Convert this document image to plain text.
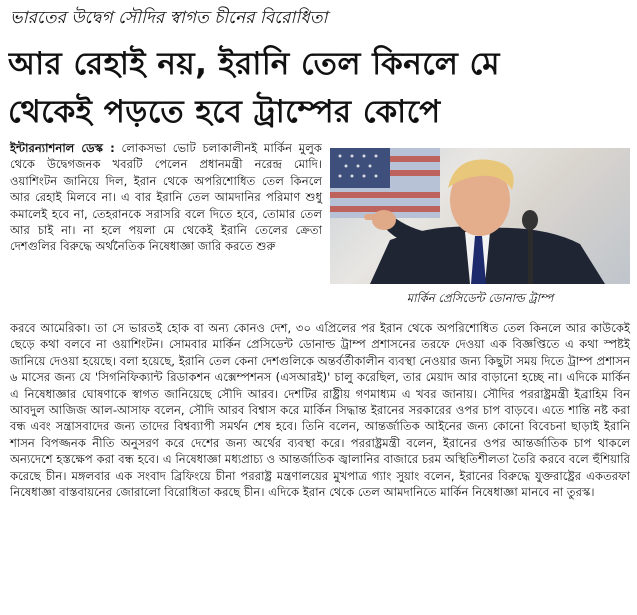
ভারতের উদ্বেগ সৌদির স্বাগত চীনের বিরোধিতা
আর রেহাই নয়, ইরানি তেল কিনলে মে
থেকেই পড়তে হবে ট্রাম্পের কোপে
ইন্টারন্যাশনাল ডেস্ক : লোকসভা ভোট চলাকালীনই মার্কিন মুলুক থেকে উদ্বেগজনক খবরটি পেলেন প্রধানমন্ত্রী নরেন্দ্র মোদি। ওয়াশিংটন জানিয়ে দিল, ইরান থেকে অপরিশোধিত তেল কিনলে আর রেহাই মিলবে না। এ বার ইরানি তেল আমদানির পরিমাণ শুধু কমালেই হবে না, তেহরানকে সরাসরি বলে দিতে হবে, তোমার তেল আর চাই না। না হলে পয়লা মে থেকেই ইরানি তেলের ক্রেতা দেশগুলির বিরুদ্ধে অর্থনৈতিক নিষেধাজ্ঞা জারি করতে শুরু
মার্কিন প্রেসিডেন্ট ডোনাল্ড ট্রাম্প

করবে আমেরিকা। তা সে ভারতই হোক বা অন্য কোনও দেশ, ৩০ এপ্রিলের পর ইরান থেকে অপরিশোধিত তেল কিনলে আর কাউকেই ছেড়ে কথা বলবে না ওয়াশিংটন। সোমবার মার্কিন প্রেসিডেন্ট ডোনাল্ড ট্রাম্প প্রশাসনের তরফে দেওয়া এক বিজ্ঞপ্তিতে এ কথা স্পষ্টই জানিয়ে দেওয়া হয়েছে। বলা হয়েছে, ইরানি তেল কেনা দেশগুলিকে অন্তর্বর্তীকালীন ব্যবস্থা নেওয়ার জন্য কিছুটা সময় দিতে ট্রাম্প প্রশাসন ৬ মাসের জন্য যে 'সিগনিফিক্যান্ট রিডাকশন এক্সেম্পশনস (এসআরই)' চালু করেছিল, তার মেয়াদ আর বাড়ানো হচ্ছে না। এদিকে মার্কিন এ নিষেধাজ্ঞার ঘোষণাকে স্বাগত জানিয়েছে সৌদি আরব। দেশটির রাষ্ট্রীয় গণমাধ্যম এ খবর জানায়। সৌদির পররাষ্ট্রমন্ত্রী ইব্রাহিম বিন আবদুল আজিজ আল-আসাফ বলেন, সৌদি আরব বিশ্বাস করে মার্কিন সিদ্ধান্ত ইরানের সরকারের ওপর চাপ বাড়বে। এতে শান্তি নষ্ট করা বন্ধ এবং সন্ত্রাসবাদের জন্য তাদের বিশ্বব্যাপী সমর্থন শেষ হবে। তিনি বলেন, আন্তর্জাতিক আইনের জন্য কোনো বিবেচনা ছাড়াই ইরানি শাসন বিপজ্জনক নীতি অনুসরণ করে দেশের জন্য অর্থের ব্যবস্থা করে। পররাষ্ট্রমন্ত্রী বলেন, ইরানের ওপর আন্তর্জাতিক চাপ থাকলে অন্যদেশে হস্তক্ষেপ করা বন্ধ হবে। এ নিষেধাজ্ঞা মধ্যপ্রাচ্য ও আন্তর্জাতিক জ্বালানির বাজারে চরম অস্থিতিশীলতা তৈরি করবে বলে হুঁশিয়ারি করেছে চীন। মঙ্গলবার এক সংবাদ ব্রিফিংয়ে চীনা পররাষ্ট্র মন্ত্রণালয়ের মুখপাত্র গ্যাং সুয়াং বলেন, ইরানের বিরুদ্ধে যুক্তরাষ্ট্রের একতরফা নিষেধাজ্ঞা বাস্তবায়নের জোরালো বিরোধিতা করছে চীন। এদিকে ইরান থেকে তেল আমদানিতে মার্কিন নিষেধাজ্ঞা মানবে না তুরস্ক।
